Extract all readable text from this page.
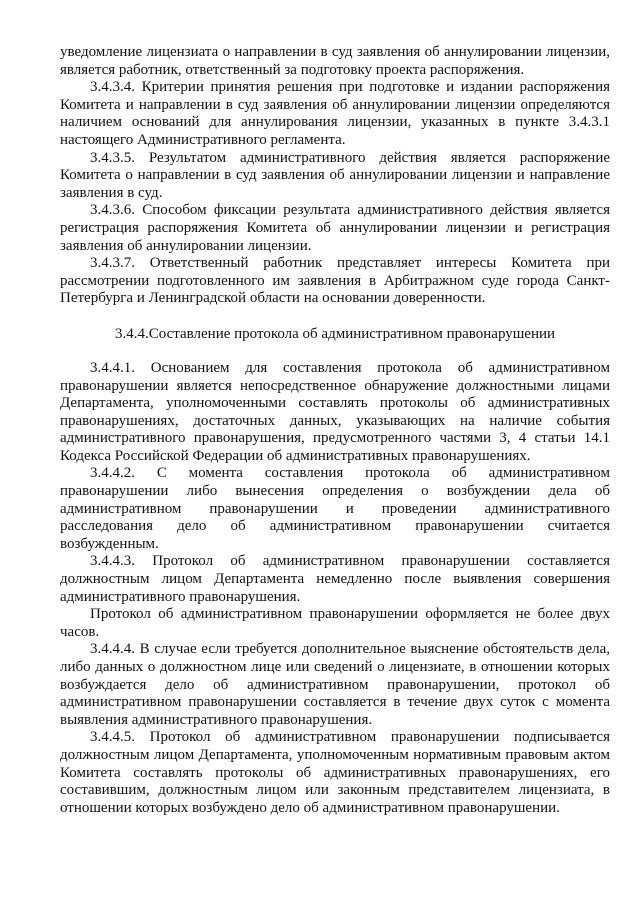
уведомление лицензиата о направлении в суд заявления об аннулировании лицензии, является работник, ответственный за подготовку проекта распоряжения.

3.4.3.4. Критерии принятия решения при подготовке и издании распоряжения Комитета и направлении в суд заявления об аннулировании лицензии определяются наличием оснований для аннулирования лицензии, указанных в пункте 3.4.3.1 настоящего Административного регламента.

3.4.3.5. Результатом административного действия является распоряжение Комитета о направлении в суд заявления об аннулировании лицензии и направление заявления в суд.

3.4.3.6. Способом фиксации результата административного действия является регистрация распоряжения Комитета об аннулировании лицензии и регистрация заявления об аннулировании лицензии.

3.4.3.7. Ответственный работник представляет интересы Комитета при рассмотрении подготовленного им заявления в Арбитражном суде города Санкт-Петербурга и Ленинградской области на основании доверенности.

3.4.4.Составление протокола об административном правонарушении

3.4.4.1. Основанием для составления протокола об административном правонарушении является непосредственное обнаружение должностными лицами Департамента, уполномоченными составлять протоколы об административных правонарушениях, достаточных данных, указывающих на наличие события административного правонарушения, предусмотренного частями 3, 4 статьи 14.1 Кодекса Российской Федерации об административных правонарушениях.

3.4.4.2. С момента составления протокола об административном правонарушении либо вынесения определения о возбуждении дела об административном правонарушении и проведении административного расследования дело об административном правонарушении считается возбужденным.

3.4.4.3. Протокол об административном правонарушении составляется должностным лицом Департамента немедленно после выявления совершения административного правонарушения.

Протокол об административном правонарушении оформляется не более двух часов.

3.4.4.4. В случае если требуется дополнительное выяснение обстоятельств дела, либо данных о должностном лице или сведений о лицензиате, в отношении которых возбуждается дело об административном правонарушении, протокол об административном правонарушении составляется в течение двух суток с момента выявления административного правонарушения.

3.4.4.5. Протокол об административном правонарушении подписывается должностным лицом Департамента, уполномоченным нормативным правовым актом Комитета составлять протоколы об административных правонарушениях, его составившим, должностным лицом или законным представителем лицензиата, в отношении которых возбуждено дело об административном правонарушении.
